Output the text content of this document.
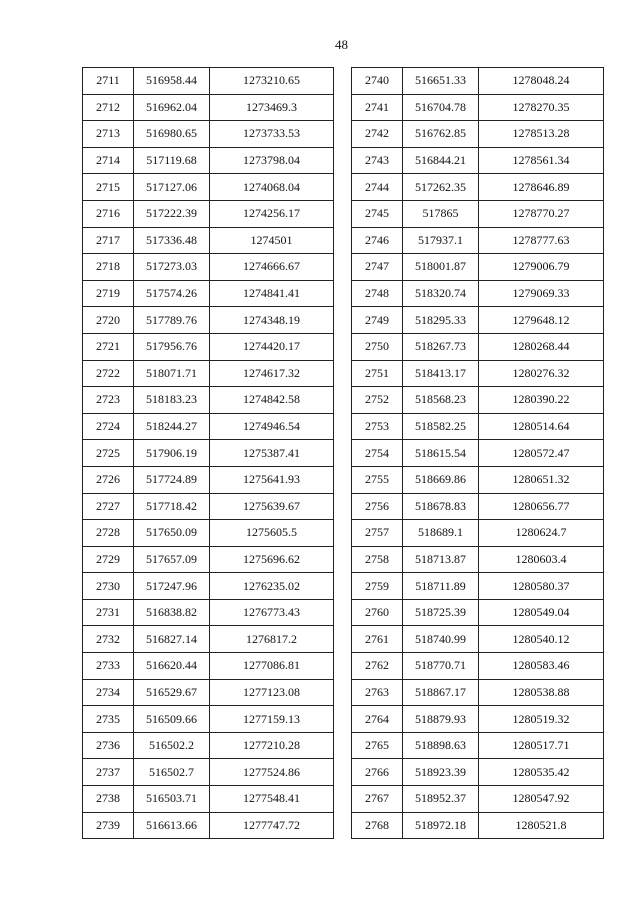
48
2711	516958.44	1273210.65
2712	516962.04	1273469.3
2713	516980.65	1273733.53
2714	517119.68	1273798.04
2715	517127.06	1274068.04
2716	517222.39	1274256.17
2717	517336.48	1274501
2718	517273.03	1274666.67
2719	517574.26	1274841.41
2720	517789.76	1274348.19
2721	517956.76	1274420.17
2722	518071.71	1274617.32
2723	518183.23	1274842.58
2724	518244.27	1274946.54
2725	517906.19	1275387.41
2726	517724.89	1275641.93
2727	517718.42	1275639.67
2728	517650.09	1275605.5
2729	517657.09	1275696.62
2730	517247.96	1276235.02
2731	516838.82	1276773.43
2732	516827.14	1276817.2
2733	516620.44	1277086.81
2734	516529.67	1277123.08
2735	516509.66	1277159.13
2736	516502.2	1277210.28
2737	516502.7	1277524.86
2738	516503.71	1277548.41
2739	516613.66	1277747.72
2740	516651.33	1278048.24
2741	516704.78	1278270.35
2742	516762.85	1278513.28
2743	516844.21	1278561.34
2744	517262.35	1278646.89
2745	517865	1278770.27
2746	517937.1	1278777.63
2747	518001.87	1279006.79
2748	518320.74	1279069.33
2749	518295.33	1279648.12
2750	518267.73	1280268.44
2751	518413.17	1280276.32
2752	518568.23	1280390.22
2753	518582.25	1280514.64
2754	518615.54	1280572.47
2755	518669.86	1280651.32
2756	518678.83	1280656.77
2757	518689.1	1280624.7
2758	518713.87	1280603.4
2759	518711.89	1280580.37
2760	518725.39	1280549.04
2761	518740.99	1280540.12
2762	518770.71	1280583.46
2763	518867.17	1280538.88
2764	518879.93	1280519.32
2765	518898.63	1280517.71
2766	518923.39	1280535.42
2767	518952.37	1280547.92
2768	518972.18	1280521.8
